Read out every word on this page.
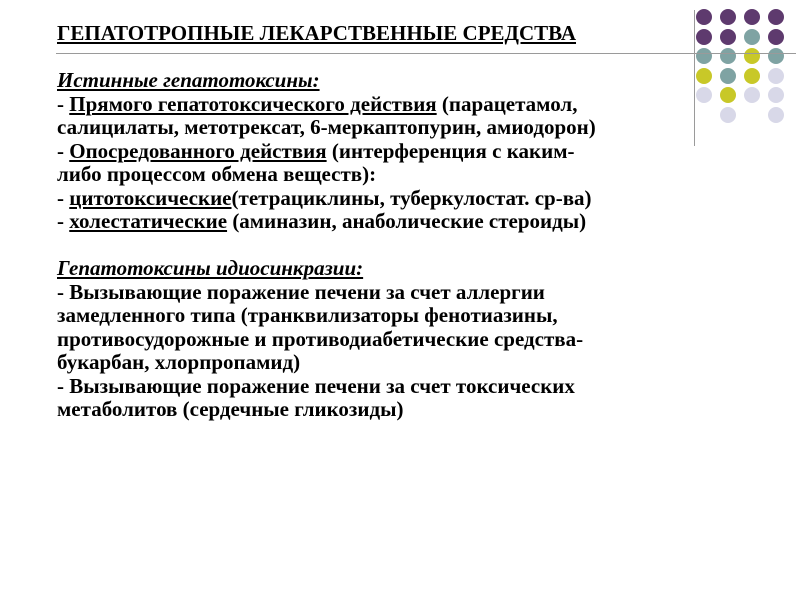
ГЕПАТОТРОПНЫЕ ЛЕКАРСТВЕННЫЕ СРЕДСТВА
Истинные гепатотоксины:
- Прямого гепатотоксического действия (парацетамол,
салицилаты, метотрексат, 6-меркаптопурин, амиодорон)
- Опосредованного действия (интерференция с каким-
либо процессом обмена веществ):
- цитотоксические(тетрациклины, туберкулостат. ср-ва)
- холестатические (аминазин, анаболические стероиды)
Гепатотоксины идиосинкразии:
- Вызывающие поражение печени за счет аллергии
замедленного типа (транквилизаторы фенотиазины,
противосудорожные и противодиабетические средства-
букарбан, хлорпропамид)
- Вызывающие поражение печени за счет токсических
метаболитов (сердечные гликозиды)
